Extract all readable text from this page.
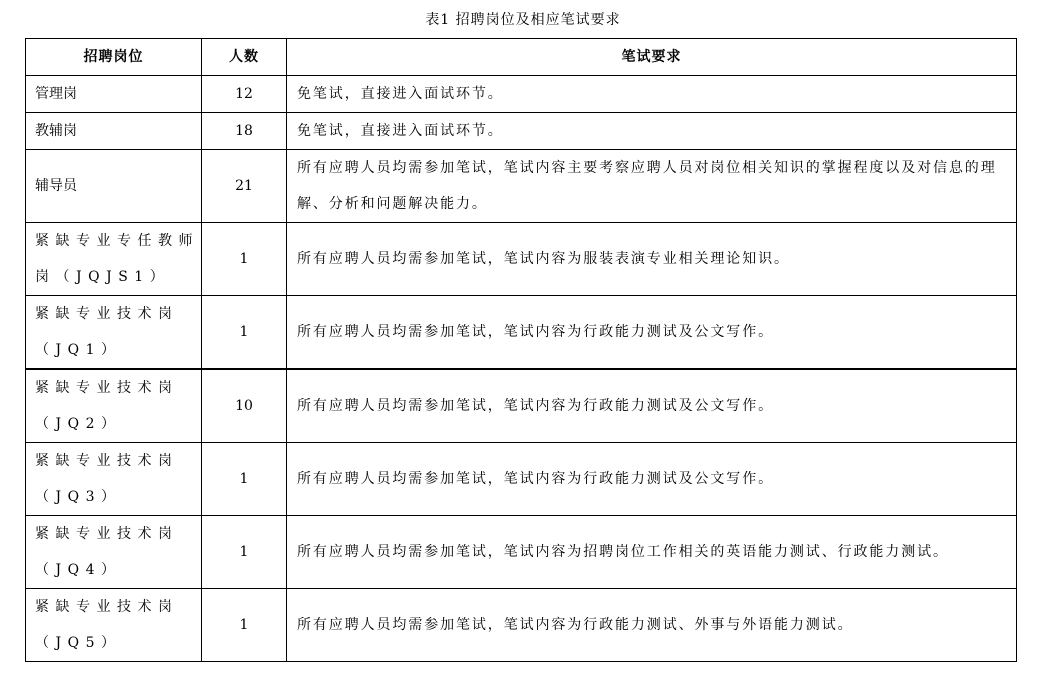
表1 招聘岗位及相应笔试要求
招聘岗位	人数	笔试要求
管理岗	12	免笔试，直接进入面试环节。
教辅岗	18	免笔试，直接进入面试环节。
辅导员	21	所有应聘人员均需参加笔试，笔试内容主要考察应聘人员对岗位相关知识的掌握程度以及对信息的理解、分析和问题解决能力。
紧缺专业专任教师岗（JQJS1）	1	所有应聘人员均需参加笔试，笔试内容为服装表演专业相关理论知识。
紧缺专业技术岗（JQ1）	1	所有应聘人员均需参加笔试，笔试内容为行政能力测试及公文写作。
紧缺专业技术岗（JQ2）	10	所有应聘人员均需参加笔试，笔试内容为行政能力测试及公文写作。
紧缺专业技术岗（JQ3）	1	所有应聘人员均需参加笔试，笔试内容为行政能力测试及公文写作。
紧缺专业技术岗（JQ4）	1	所有应聘人员均需参加笔试，笔试内容为招聘岗位工作相关的英语能力测试、行政能力测试。
紧缺专业技术岗（JQ5）	1	所有应聘人员均需参加笔试，笔试内容为行政能力测试、外事与外语能力测试。
